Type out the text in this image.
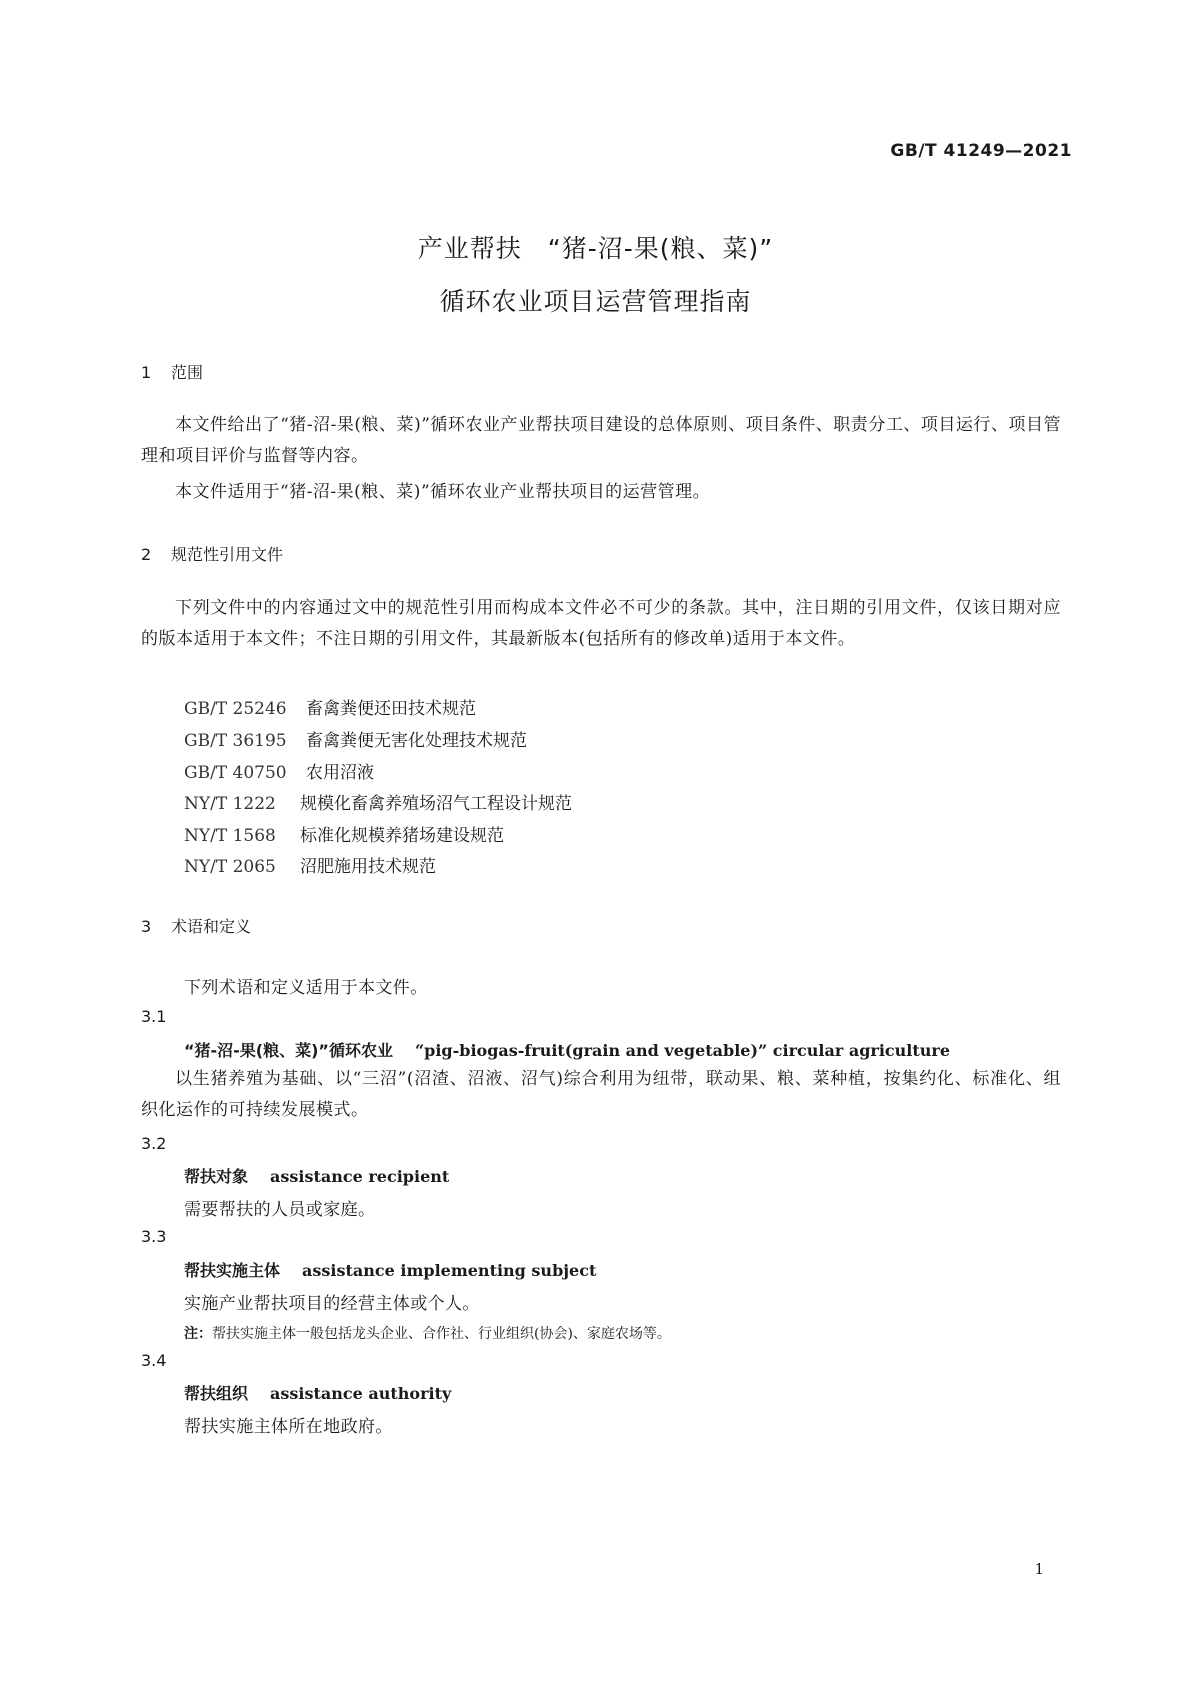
GB/T 41249—2021
产业帮扶　“猪-沼-果(粮、菜)”
循环农业项目运营管理指南
1 范围
本文件给出了“猪-沼-果(粮、菜)”循环农业产业帮扶项目建设的总体原则、项目条件、职责分工、项目运行、项目管理和项目评价与监督等内容。
本文件适用于“猪-沼-果(粮、菜)”循环农业产业帮扶项目的运营管理。
2 规范性引用文件
下列文件中的内容通过文中的规范性引用而构成本文件必不可少的条款。其中，注日期的引用文件，仅该日期对应的版本适用于本文件；不注日期的引用文件，其最新版本(包括所有的修改单)适用于本文件。
GB/T 25246 畜禽粪便还田技术规范
GB/T 36195 畜禽粪便无害化处理技术规范
GB/T 40750 农用沼液
NY/T 1222 规模化畜禽养殖场沼气工程设计规范
NY/T 1568 标准化规模养猪场建设规范
NY/T 2065 沼肥施用技术规范
3 术语和定义
下列术语和定义适用于本文件。
3.1
“猪-沼-果(粮、菜)”循环农业 “pig-biogas-fruit(grain and vegetable)” circular agriculture
以生猪养殖为基础、以“三沼”(沼渣、沼液、沼气)综合利用为纽带，联动果、粮、菜种植，按集约化、标准化、组织化运作的可持续发展模式。
3.2
帮扶对象 assistance recipient
需要帮扶的人员或家庭。
3.3
帮扶实施主体 assistance implementing subject
实施产业帮扶项目的经营主体或个人。
注：帮扶实施主体一般包括龙头企业、合作社、行业组织(协会)、家庭农场等。
3.4
帮扶组织 assistance authority
帮扶实施主体所在地政府。
1
